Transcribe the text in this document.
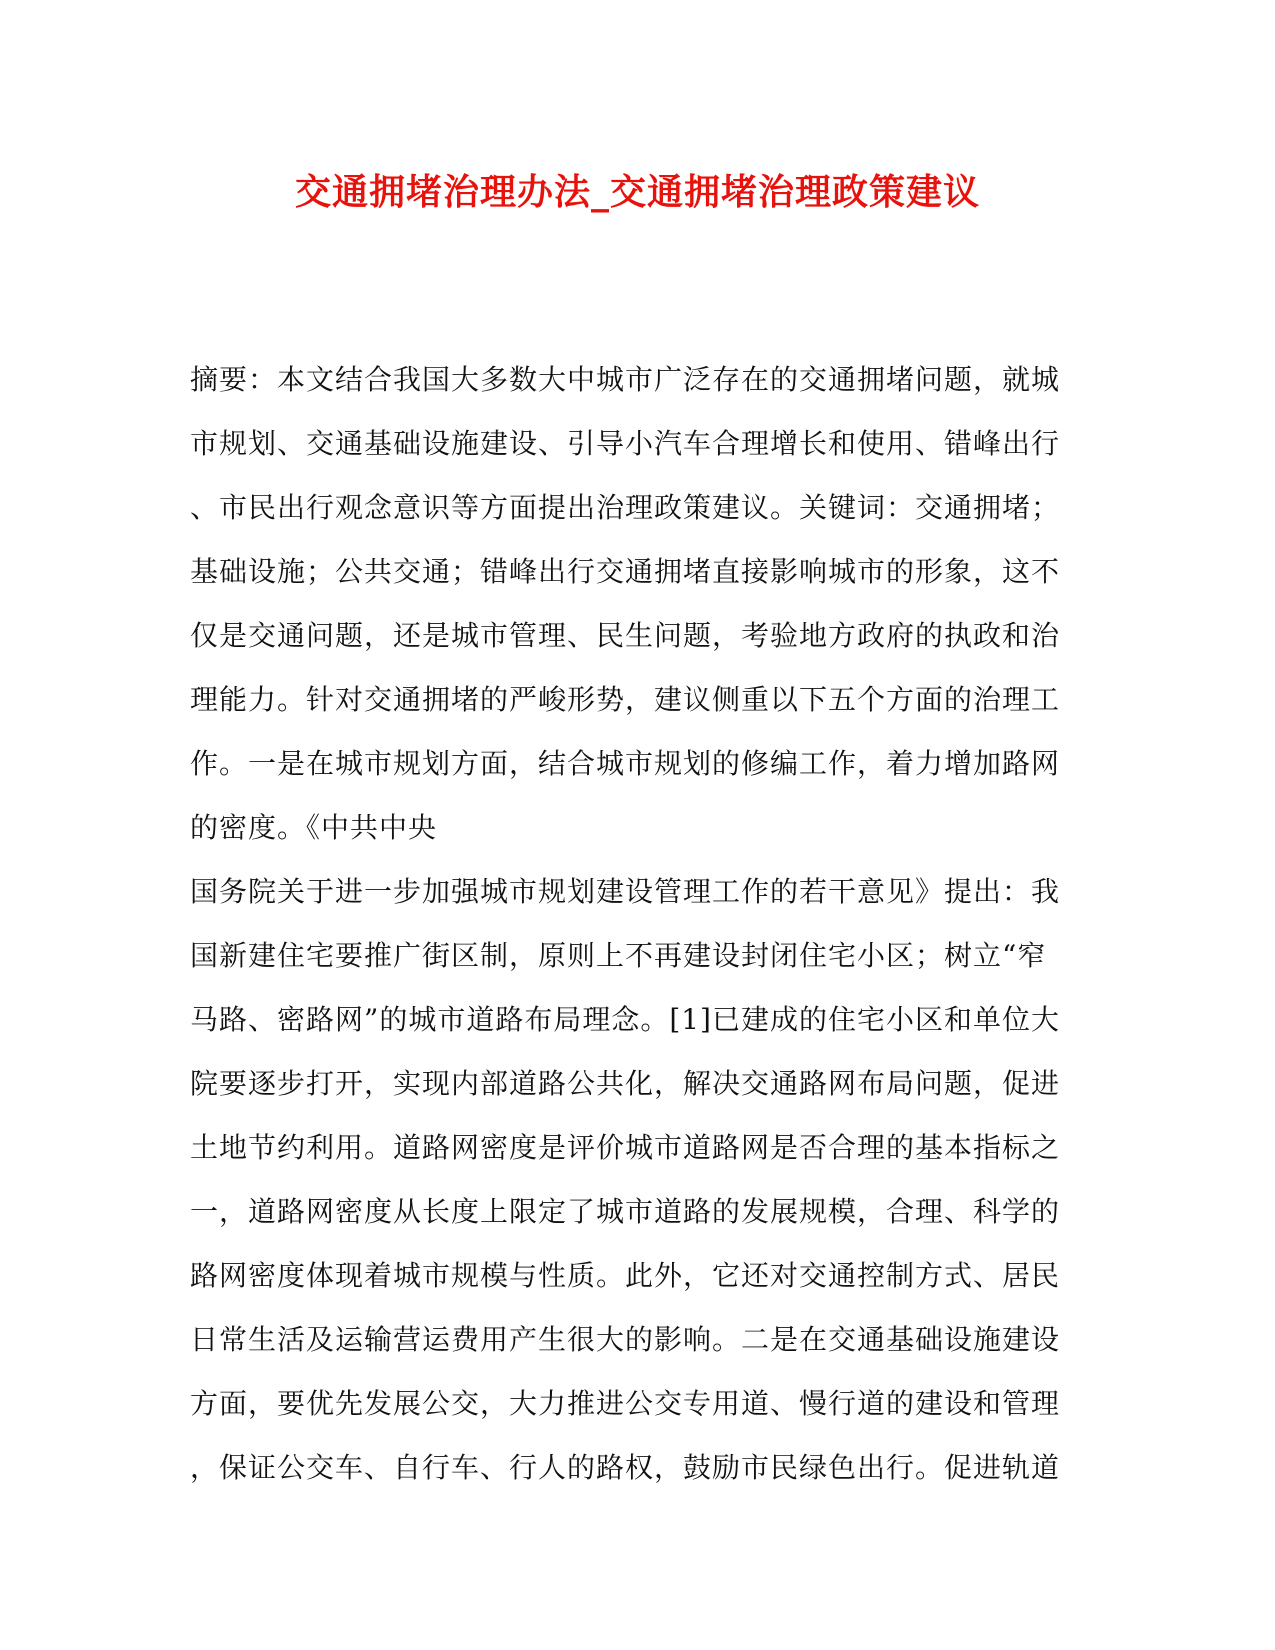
交通拥堵治理办法_交通拥堵治理政策建议
摘要：本文结合我国大多数大中城市广泛存在的交通拥堵问题，就城
市规划、交通基础设施建设、引导小汽车合理增长和使用、错峰出行
、市民出行观念意识等方面提出治理政策建议。关键词：交通拥堵；
基础设施；公共交通；错峰出行交通拥堵直接影响城市的形象，这不
仅是交通问题，还是城市管理、民生问题，考验地方政府的执政和治
理能力。针对交通拥堵的严峻形势，建议侧重以下五个方面的治理工
作。一是在城市规划方面，结合城市规划的修编工作，着力增加路网
的密度。《中共中央
国务院关于进一步加强城市规划建设管理工作的若干意见》提出：我
国新建住宅要推广街区制，原则上不再建设封闭住宅小区；树立“窄
马路、密路网”的城市道路布局理念。[1]已建成的住宅小区和单位大
院要逐步打开，实现内部道路公共化，解决交通路网布局问题，促进
土地节约利用。道路网密度是评价城市道路网是否合理的基本指标之
一，道路网密度从长度上限定了城市道路的发展规模，合理、科学的
路网密度体现着城市规模与性质。此外，它还对交通控制方式、居民
日常生活及运输营运费用产生很大的影响。二是在交通基础设施建设
方面，要优先发展公交，大力推进公交专用道、慢行道的建设和管理
，保证公交车、自行车、行人的路权，鼓励市民绿色出行。促进轨道
